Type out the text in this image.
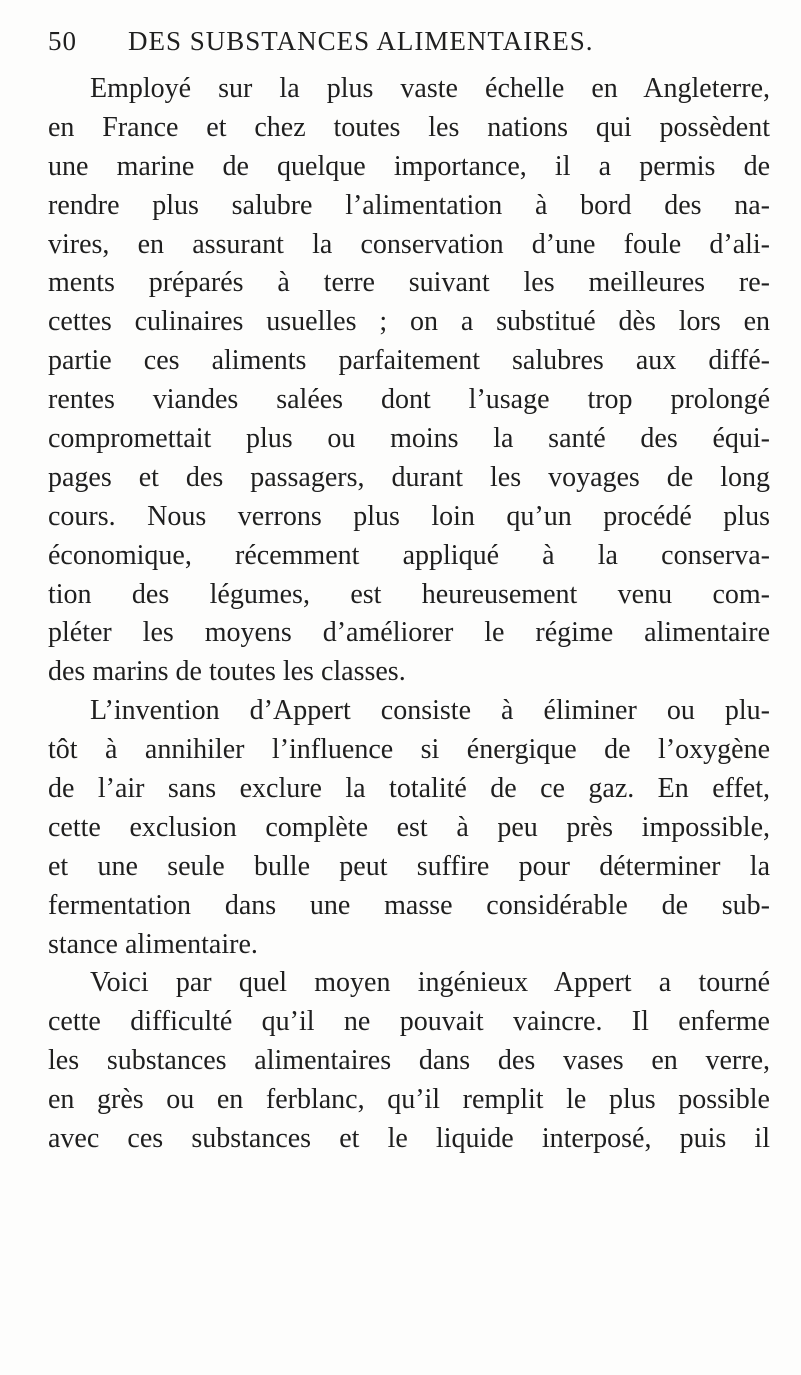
50 DES SUBSTANCES ALIMENTAIRES.
Employé sur la plus vaste échelle en Angleterre,
en France et chez toutes les nations qui possèdent
une marine de quelque importance, il a permis de
rendre plus salubre l’alimentation à bord des na-
vires, en assurant la conservation d’une foule d’ali-
ments préparés à terre suivant les meilleures re-
cettes culinaires usuelles ; on a substitué dès lors en
partie ces aliments parfaitement salubres aux diffé-
rentes viandes salées dont l’usage trop prolongé
compromettait plus ou moins la santé des équi-
pages et des passagers, durant les voyages de long
cours. Nous verrons plus loin qu’un procédé plus
économique, récemment appliqué à la conserva-
tion des légumes, est heureusement venu com-
pléter les moyens d’améliorer le régime alimentaire
des marins de toutes les classes.
L’invention d’Appert consiste à éliminer ou plu-
tôt à annihiler l’influence si énergique de l’oxygène
de l’air sans exclure la totalité de ce gaz. En effet,
cette exclusion complète est à peu près impossible,
et une seule bulle peut suffire pour déterminer la
fermentation dans une masse considérable de sub-
stance alimentaire.
Voici par quel moyen ingénieux Appert a tourné
cette difficulté qu’il ne pouvait vaincre. Il enferme
les substances alimentaires dans des vases en verre,
en grès ou en ferblanc, qu’il remplit le plus possible
avec ces substances et le liquide interposé, puis il
